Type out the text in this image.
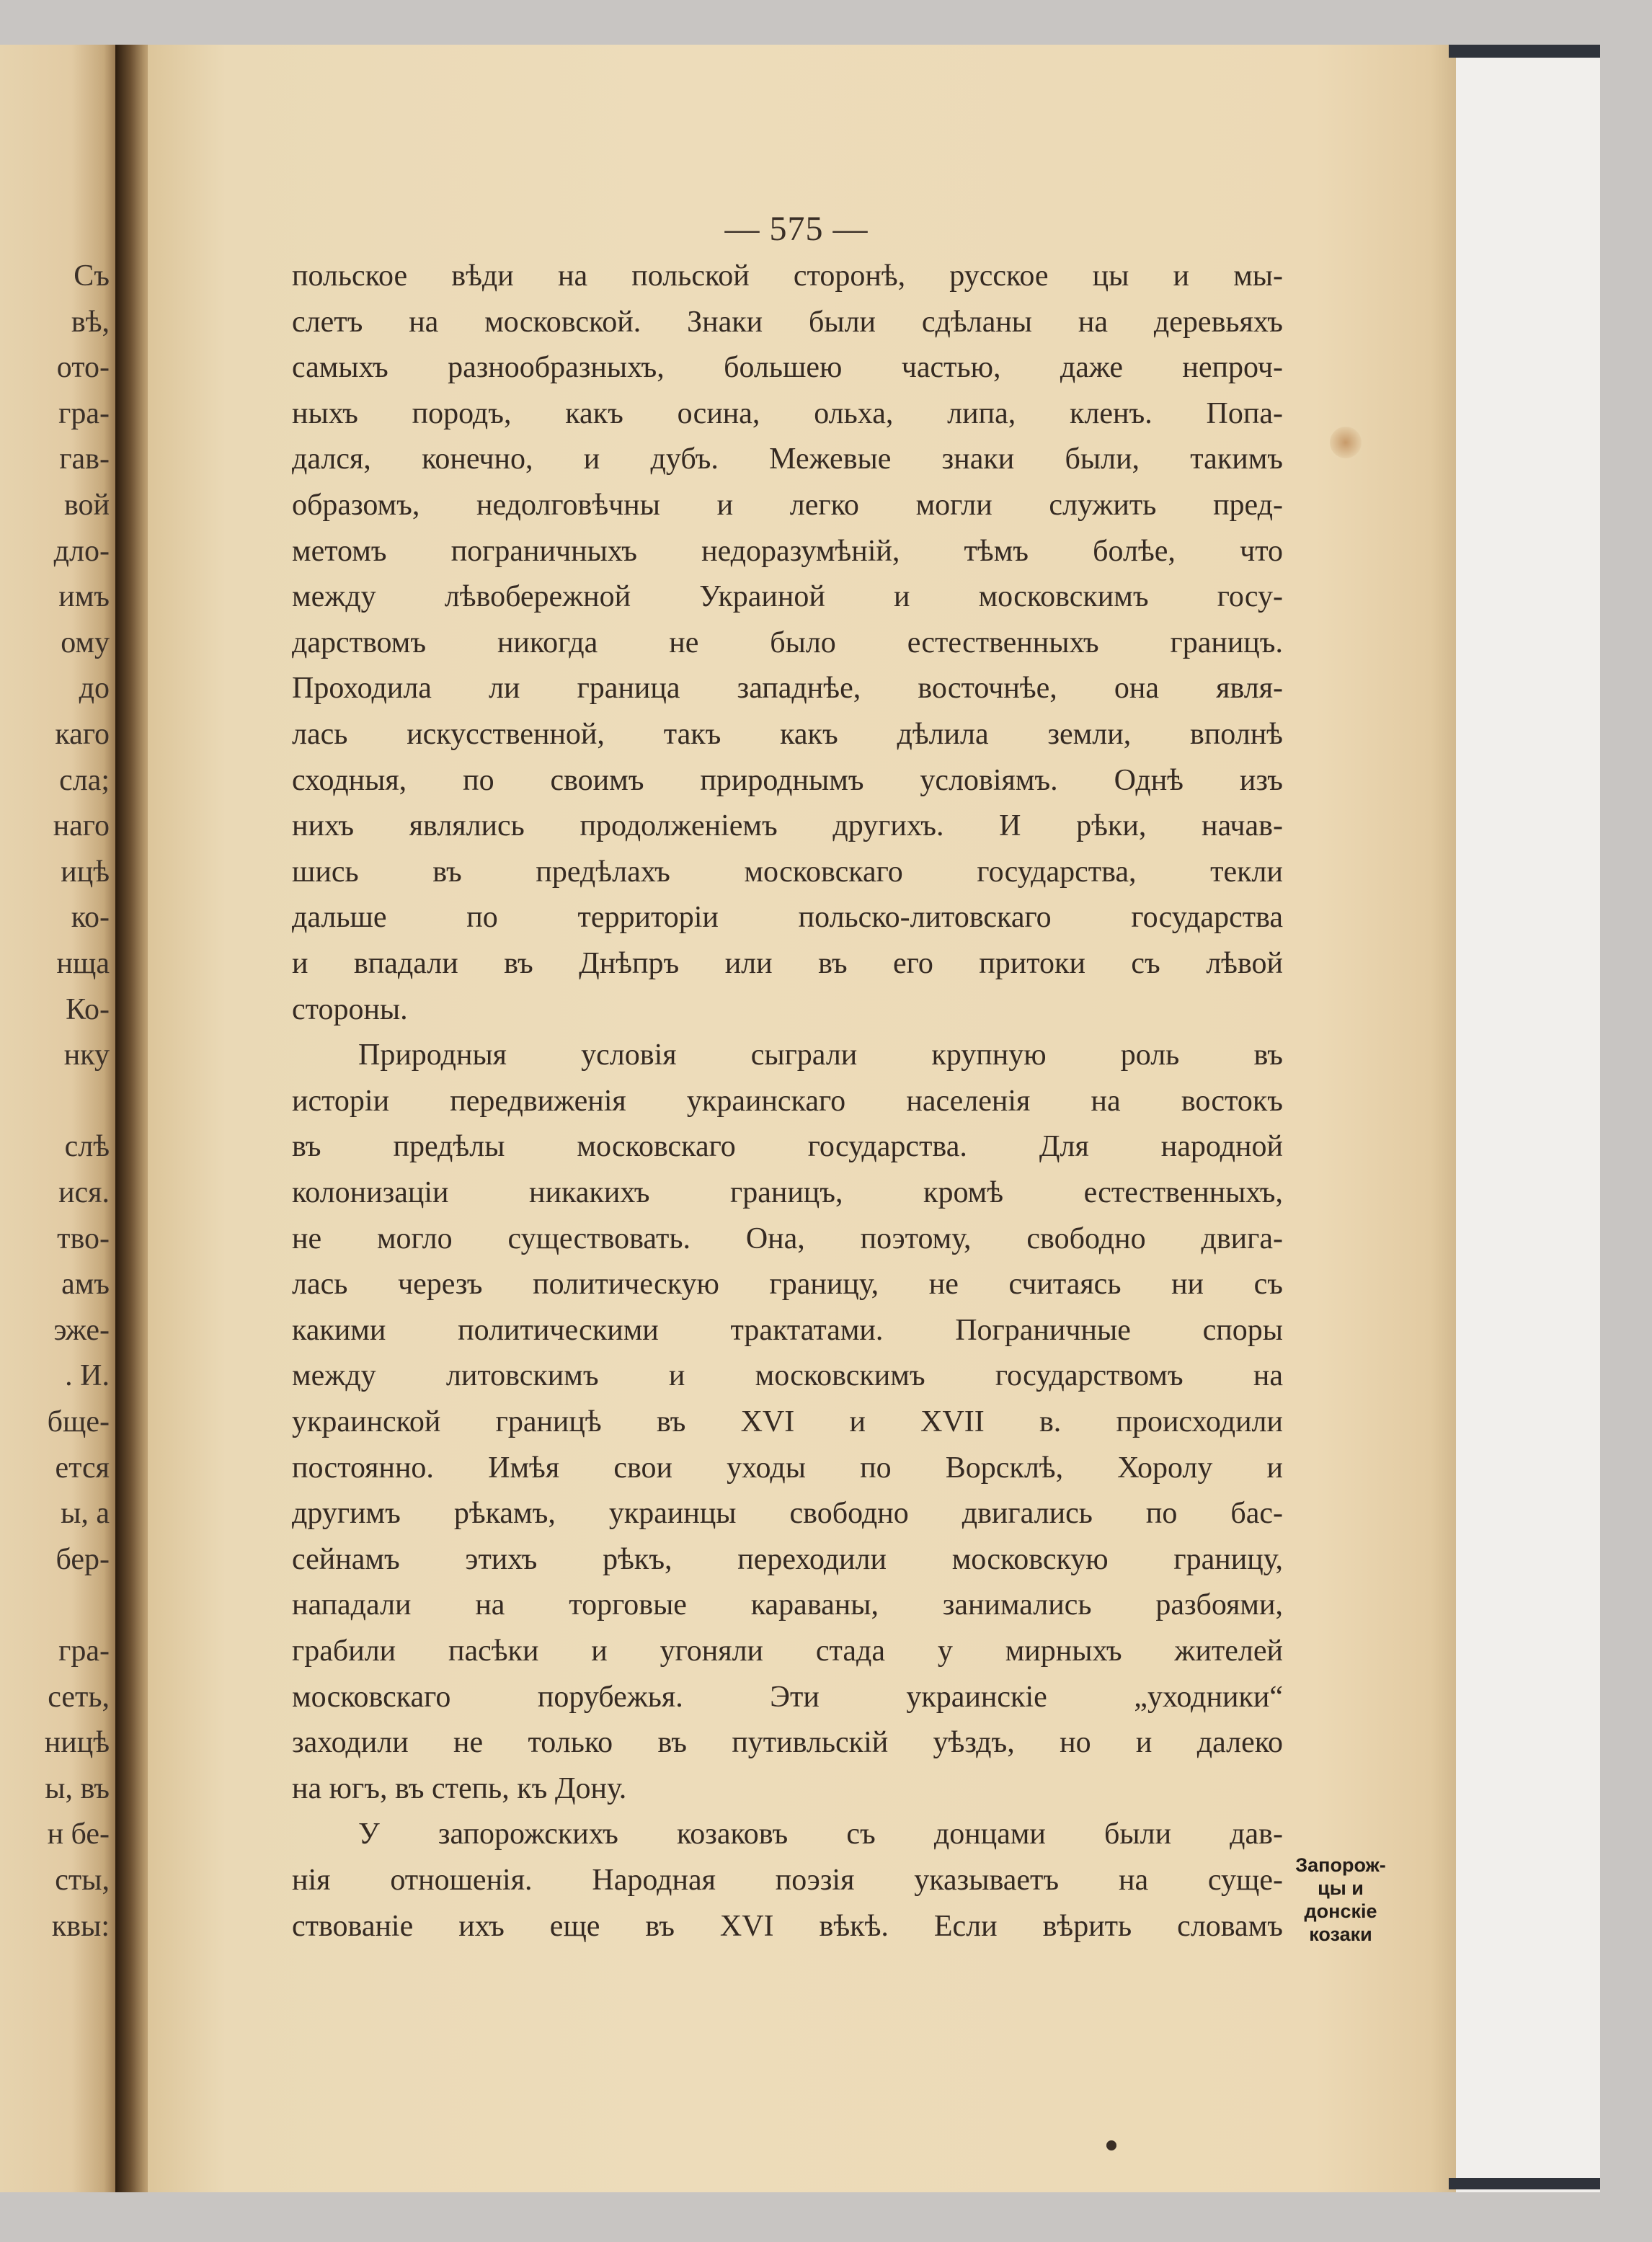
Съ
вѣ,
ото-
гра-
гав-
вой
дло-
имъ
ому
до
каго
сла;
наго
ицѣ
ко-
нща
Ко-
нку
слѣ
ися.
тво-
амъ
эже-
. И.
бще-
ется
ы, а
бер-
гра-
сеть,
ницѣ
ы, въ
н бе-
сты,
квы:
— 575 —
польское вѣди на польской сторонѣ, русское цы и мы-
слетъ на московской. Знаки были сдѣланы на деревьяхъ
самыхъ разнообразныхъ, большею частью, даже непроч-
ныхъ породъ, какъ осина, ольха, липа, кленъ. Попа-
дался, конечно, и дубъ. Межевые знаки были, такимъ
образомъ, недолговѣчны и легко могли служить пред-
метомъ пограничныхъ недоразумѣній, тѣмъ болѣе, что
между лѣвобережной Украиной и московскимъ госу-
дарствомъ никогда не было естественныхъ границъ.
Проходила ли граница западнѣе, восточнѣе, она явля-
лась искусственной, такъ какъ дѣлила земли, вполнѣ
сходныя, по своимъ природнымъ условіямъ. Однѣ изъ
нихъ являлись продолженіемъ другихъ. И рѣки, начав-
шись въ предѣлахъ московскаго государства, текли
дальше по территоріи польско-литовскаго государства
и впадали въ Днѣпръ или въ его притоки съ лѣвой
стороны.
Природныя условія сыграли крупную роль въ
исторіи передвиженія украинскаго населенія на востокъ
въ предѣлы московскаго государства. Для народной
колонизаціи никакихъ границъ, кромѣ естественныхъ,
не могло существовать. Она, поэтому, свободно двига-
лась черезъ политическую границу, не считаясь ни съ
какими политическими трактатами. Пограничные споры
между литовскимъ и московскимъ государствомъ на
украинской границѣ въ XVI и XVII в. происходили
постоянно. Имѣя свои уходы по Ворсклѣ, Хоролу и
другимъ рѣкамъ, украинцы свободно двигались по бас-
сейнамъ этихъ рѣкъ, переходили московскую границу,
нападали на торговые караваны, занимались разбоями,
грабили пасѣки и угоняли стада у мирныхъ жителей
московскаго порубежья. Эти украинскіе „уходники“
заходили не только въ путивльскій уѣздъ, но и далеко
на югъ, въ степь, къ Дону.
У запорожскихъ козаковъ съ донцами были дав-
нія отношенія. Народная поэзія указываетъ на суще-
ствованіе ихъ еще въ XVI вѣкѣ. Если вѣрить словамъ
Запорож-
цы и
донскіе
козаки
